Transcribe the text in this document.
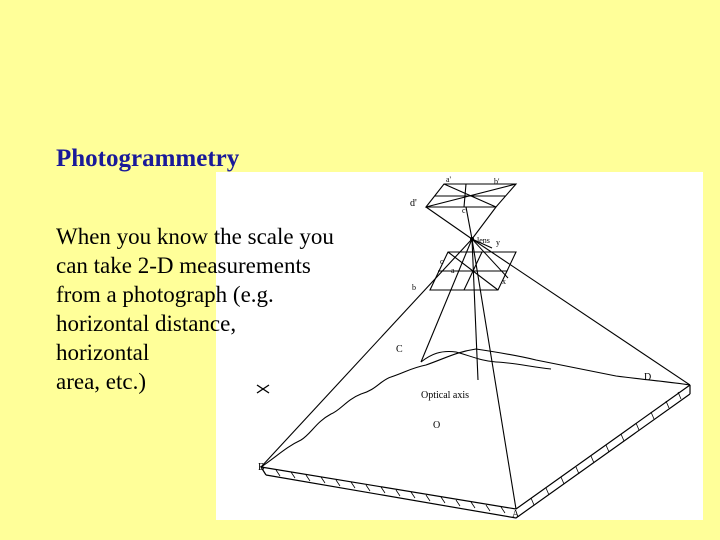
Photogrammetry
a'	b'
d'
c'
lens y
c
a
b
x
C
D
Optical axis
O
B
A
When you know the scale you
can take 2-D measurements
from a photograph (e.g.
horizontal distance,
horizontal
area, etc.)
